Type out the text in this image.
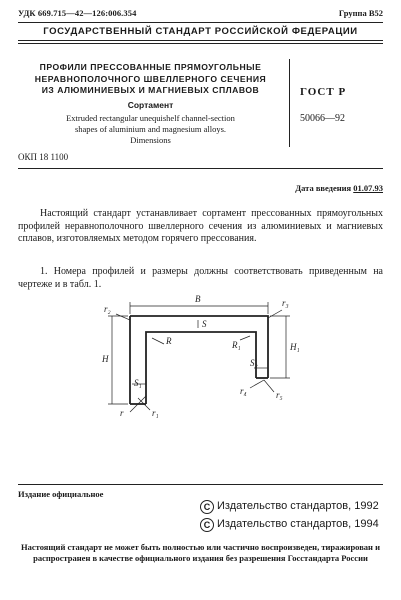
УДК 669.715—42—126:006.354	Группа В52
ГОСУДАРСТВЕННЫЙ СТАНДАРТ РОССИЙСКОЙ ФЕДЕРАЦИИ
ПРОФИЛИ ПРЕССОВАННЫЕ ПРЯМОУГОЛЬНЫЕ
НЕРАВНОПОЛОЧНОГО ШВЕЛЛЕРНОГО СЕЧЕНИЯ
ИЗ АЛЮМИНИЕВЫХ И МАГНИЕВЫХ СПЛАВОВ
Сортамент
Extruded rectangular unequishelf channel-section
shapes of aluminium and magnesium alloys.
Dimensions
ГОСТ Р
50066—92
ОКП 18 1100
Дата введения 01.07.93
Настоящий стандарт устанавливает сортамент прессованных прямоугольных профилей неравнополочного швеллерного сечения из алюминиевых и магниевых сплавов, изготовляемых методом горячего прессования.
1. Номера профилей и размеры должны соответствовать приведенным на чертеже и в табл. 1.
B
r₂
r₃
S
R	R₁
H
H₁
S₁
S₂
r	r₁
r₄	r₅
Издание официальное
C Издательство стандартов, 1992
C Издательство стандартов, 1994
Настоящий стандарт не может быть полностью или частично воспроизведен, тиражирован и распространен в качестве официального издания без разрешения Госстандарта России
